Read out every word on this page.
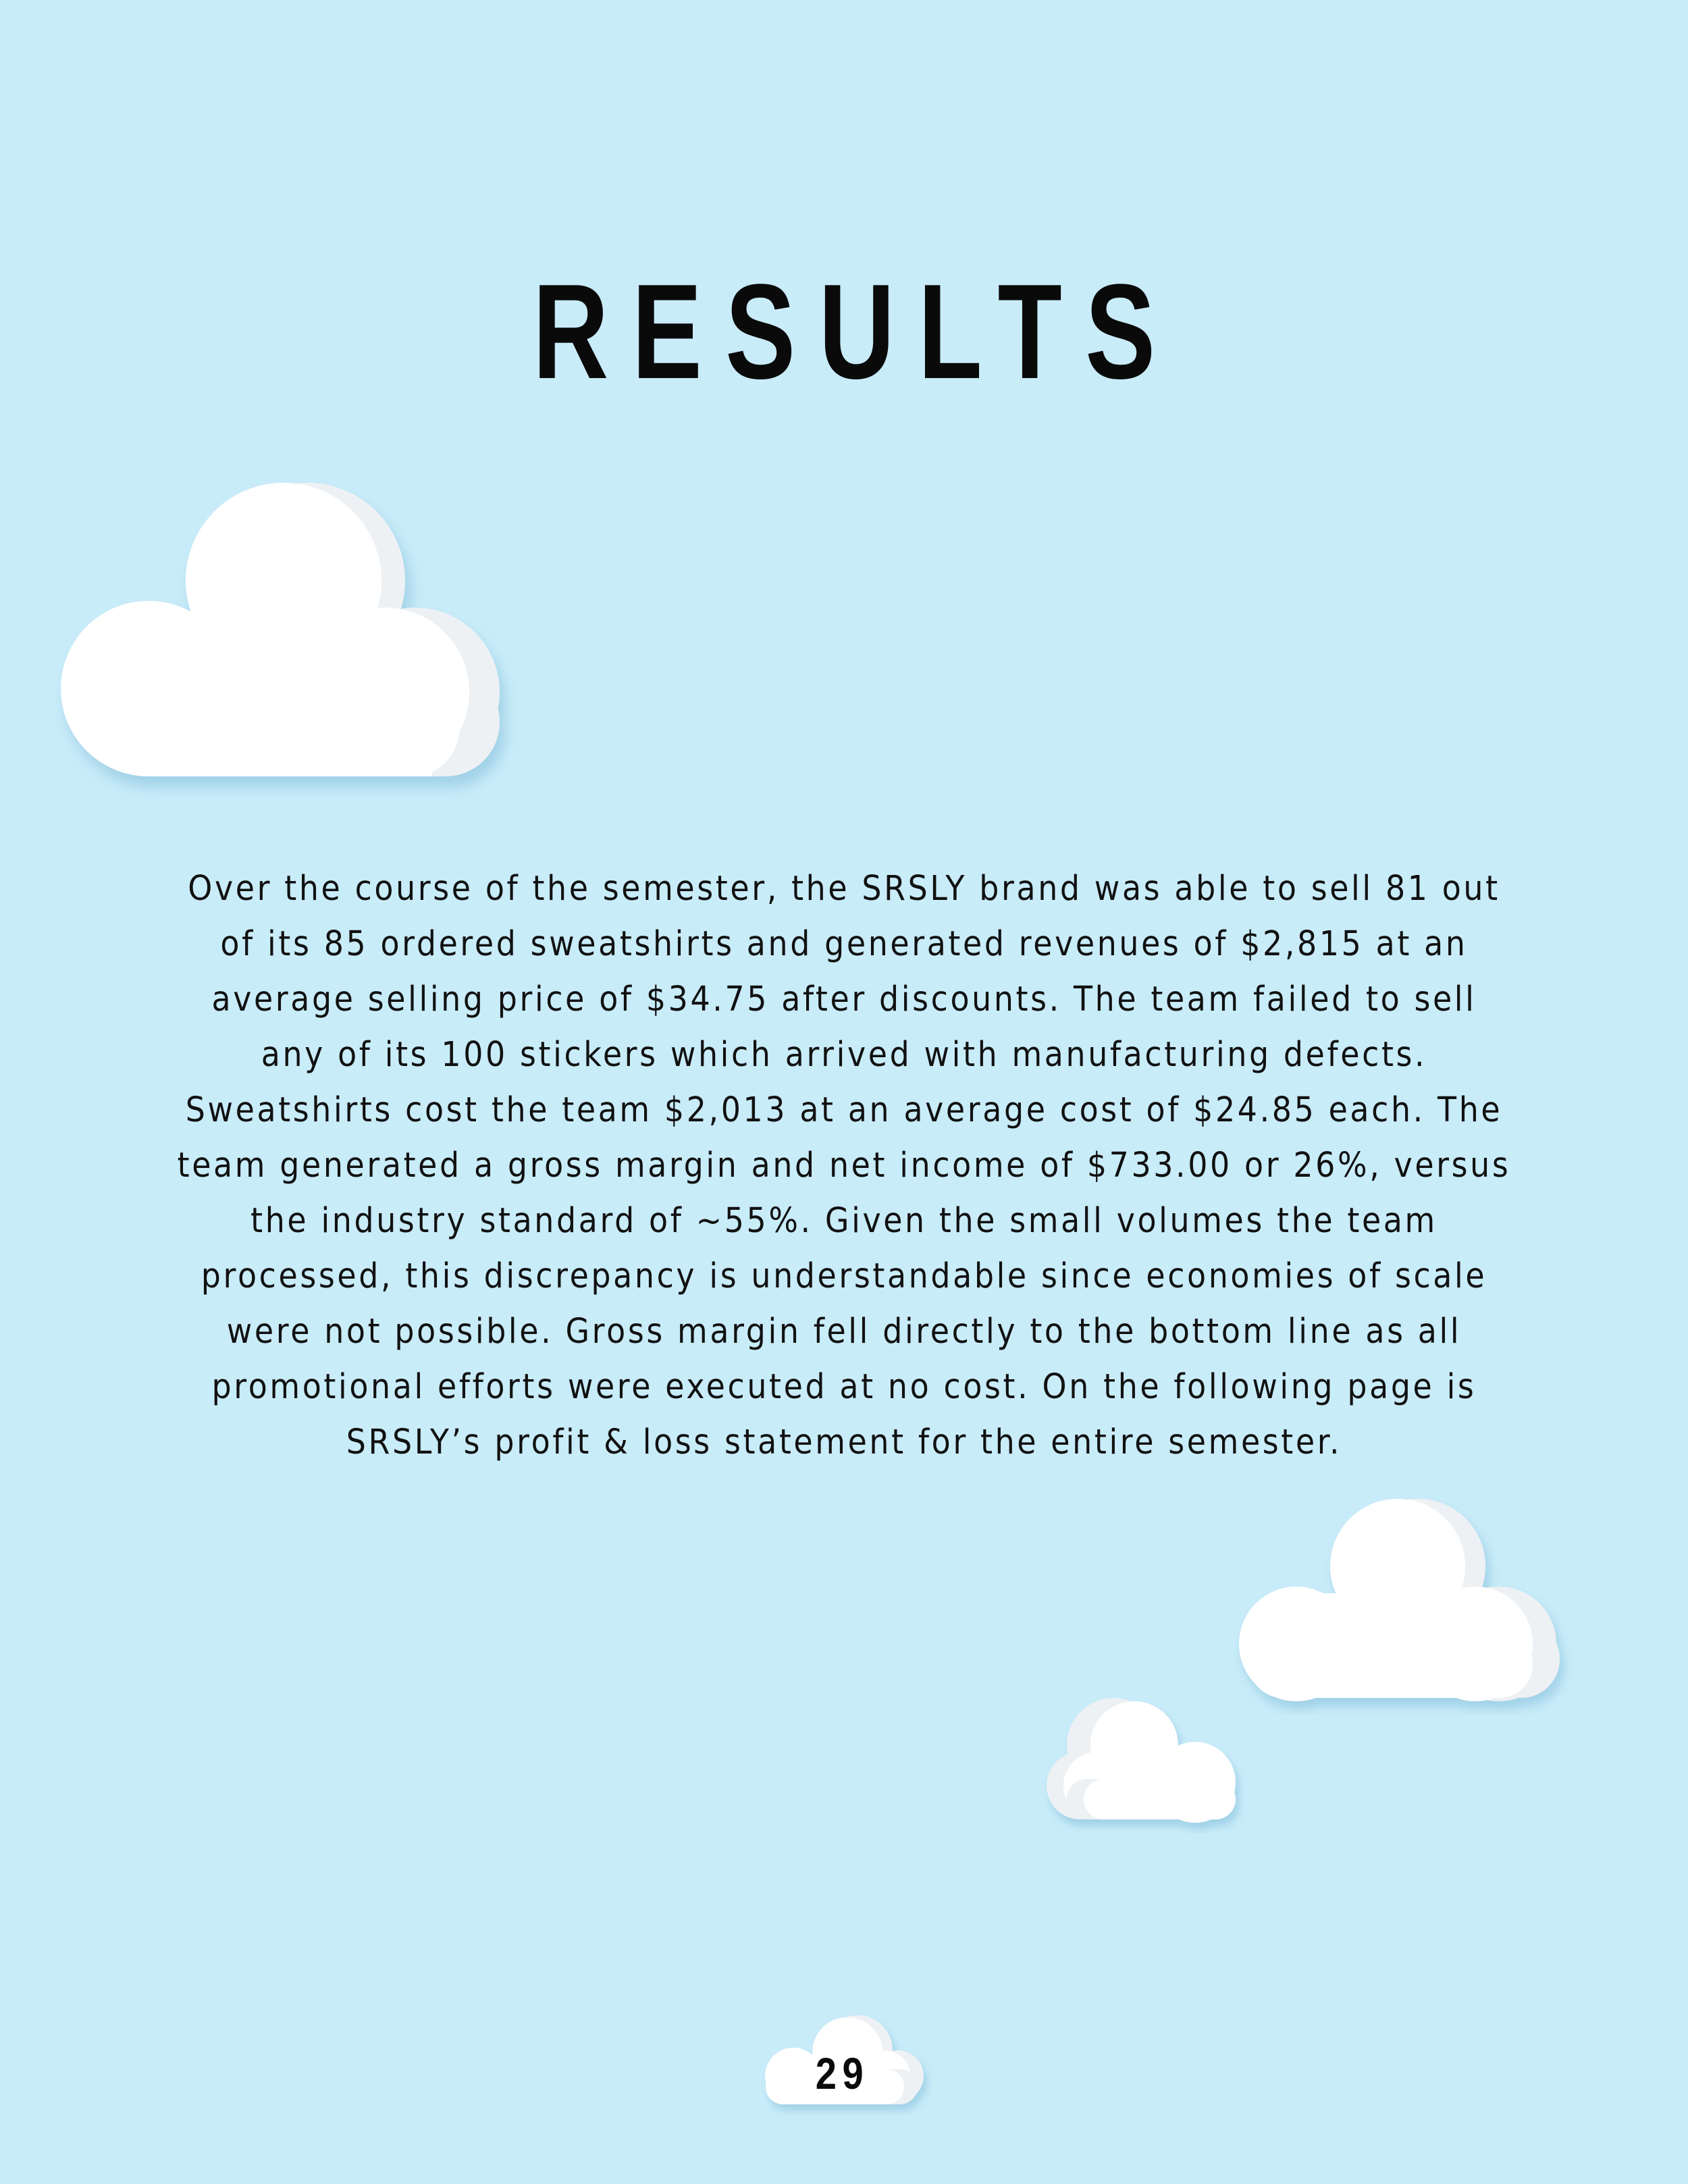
RESULTS

Over the course of the semester, the SRSLY brand was able to sell 81 out of its 85 ordered sweatshirts and generated revenues of $2,815 at an average selling price of $34.75 after discounts. The team failed to sell any of its 100 stickers which arrived with manufacturing defects. Sweatshirts cost the team $2,013 at an average cost of $24.85 each. The team generated a gross margin and net income of $733.00 or 26%, versus the industry standard of ~55%. Given the small volumes the team processed, this discrepancy is understandable since economies of scale were not possible. Gross margin fell directly to the bottom line as all promotional efforts were executed at no cost. On the following page is SRSLY’s profit & loss statement for the entire semester.

29
